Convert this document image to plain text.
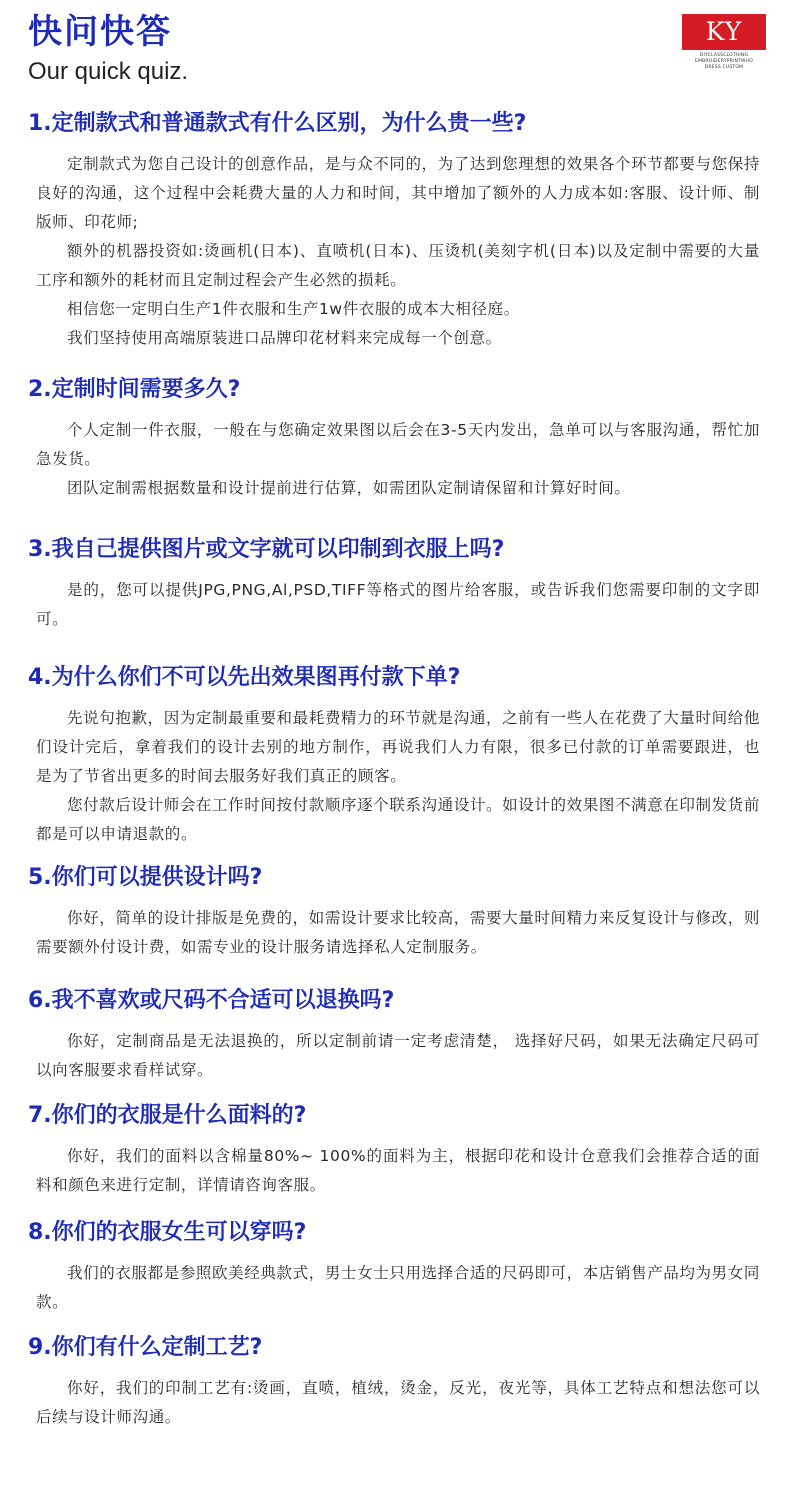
快问快答
Our quick quiz.
KY
DIYCLASSCLOTHING
EMBROIDERYPRINTWHO
DRESS CUSTOM
1.定制款式和普通款式有什么区别，为什么贵一些?

定制款式为您自己设计的创意作品，是与众不同的，为了达到您理想的效果各个环节都要与您保持良好的沟通，这个过程中会耗费大量的人力和时间，其中增加了额外的人力成本如:客服、设计师、制版师、印花师;

额外的机器投资如:烫画机(日本)、直喷机(日本)、压烫机(美刻字机(日本)以及定制中需要的大量工序和额外的耗材而且定制过程会产生必然的损耗。

相信您一定明白生产1件衣服和生产1w件衣服的成本大相径庭。

我们坚持使用高端原装进口品牌印花材料来完成每一个创意。

2.定制时间需要多久?

个人定制一件衣服，一般在与您确定效果图以后会在3-5天内发出，急单可以与客服沟通，帮忙加急发货。

团队定制需根据数量和设计提前进行估算，如需团队定制请保留和计算好时间。

3.我自己提供图片或文字就可以印制到衣服上吗?

是的，您可以提供JPG,PNG,Al,PSD,TIFF等格式的图片给客服，或告诉我们您需要印制的文字即可。

4.为什么你们不可以先出效果图再付款下单?

先说句抱歉，因为定制最重要和最耗费精力的环节就是沟通，之前有一些人在花费了大量时间给他们设计完后，拿着我们的设计去别的地方制作，再说我们人力有限，很多已付款的订单需要跟进，也是为了节省出更多的时间去服务好我们真正的顾客。

您付款后设计师会在工作时间按付款顺序逐个联系沟通设计。如设计的效果图不满意在印制发货前都是可以申请退款的。

5.你们可以提供设计吗?

你好，简单的设计排版是免费的，如需设计要求比较高，需要大量时间精力来反复设计与修改，则需要额外付设计费，如需专业的设计服务请选择私人定制服务。

6.我不喜欢或尺码不合适可以退换吗?

你好，定制商品是无法退换的，所以定制前请一定考虑清楚， 选择好尺码，如果无法确定尺码可以向客服要求看样试穿。

7.你们的衣服是什么面料的?

你好，我们的面料以含棉量80%~ 100%的面料为主，根据印花和设计仓意我们会推荐合适的面料和颜色来进行定制，详情请咨询客服。

8.你们的衣服女生可以穿吗?

我们的衣服都是参照欧美经典款式，男士女士只用选择合适的尺码即可，本店销售产品均为男女同款。

9.你们有什么定制工艺?

你好，我们的印制工艺有:烫画，直喷，植绒，烫金，反光，夜光等，具体工艺特点和想法您可以后续与设计师沟通。
